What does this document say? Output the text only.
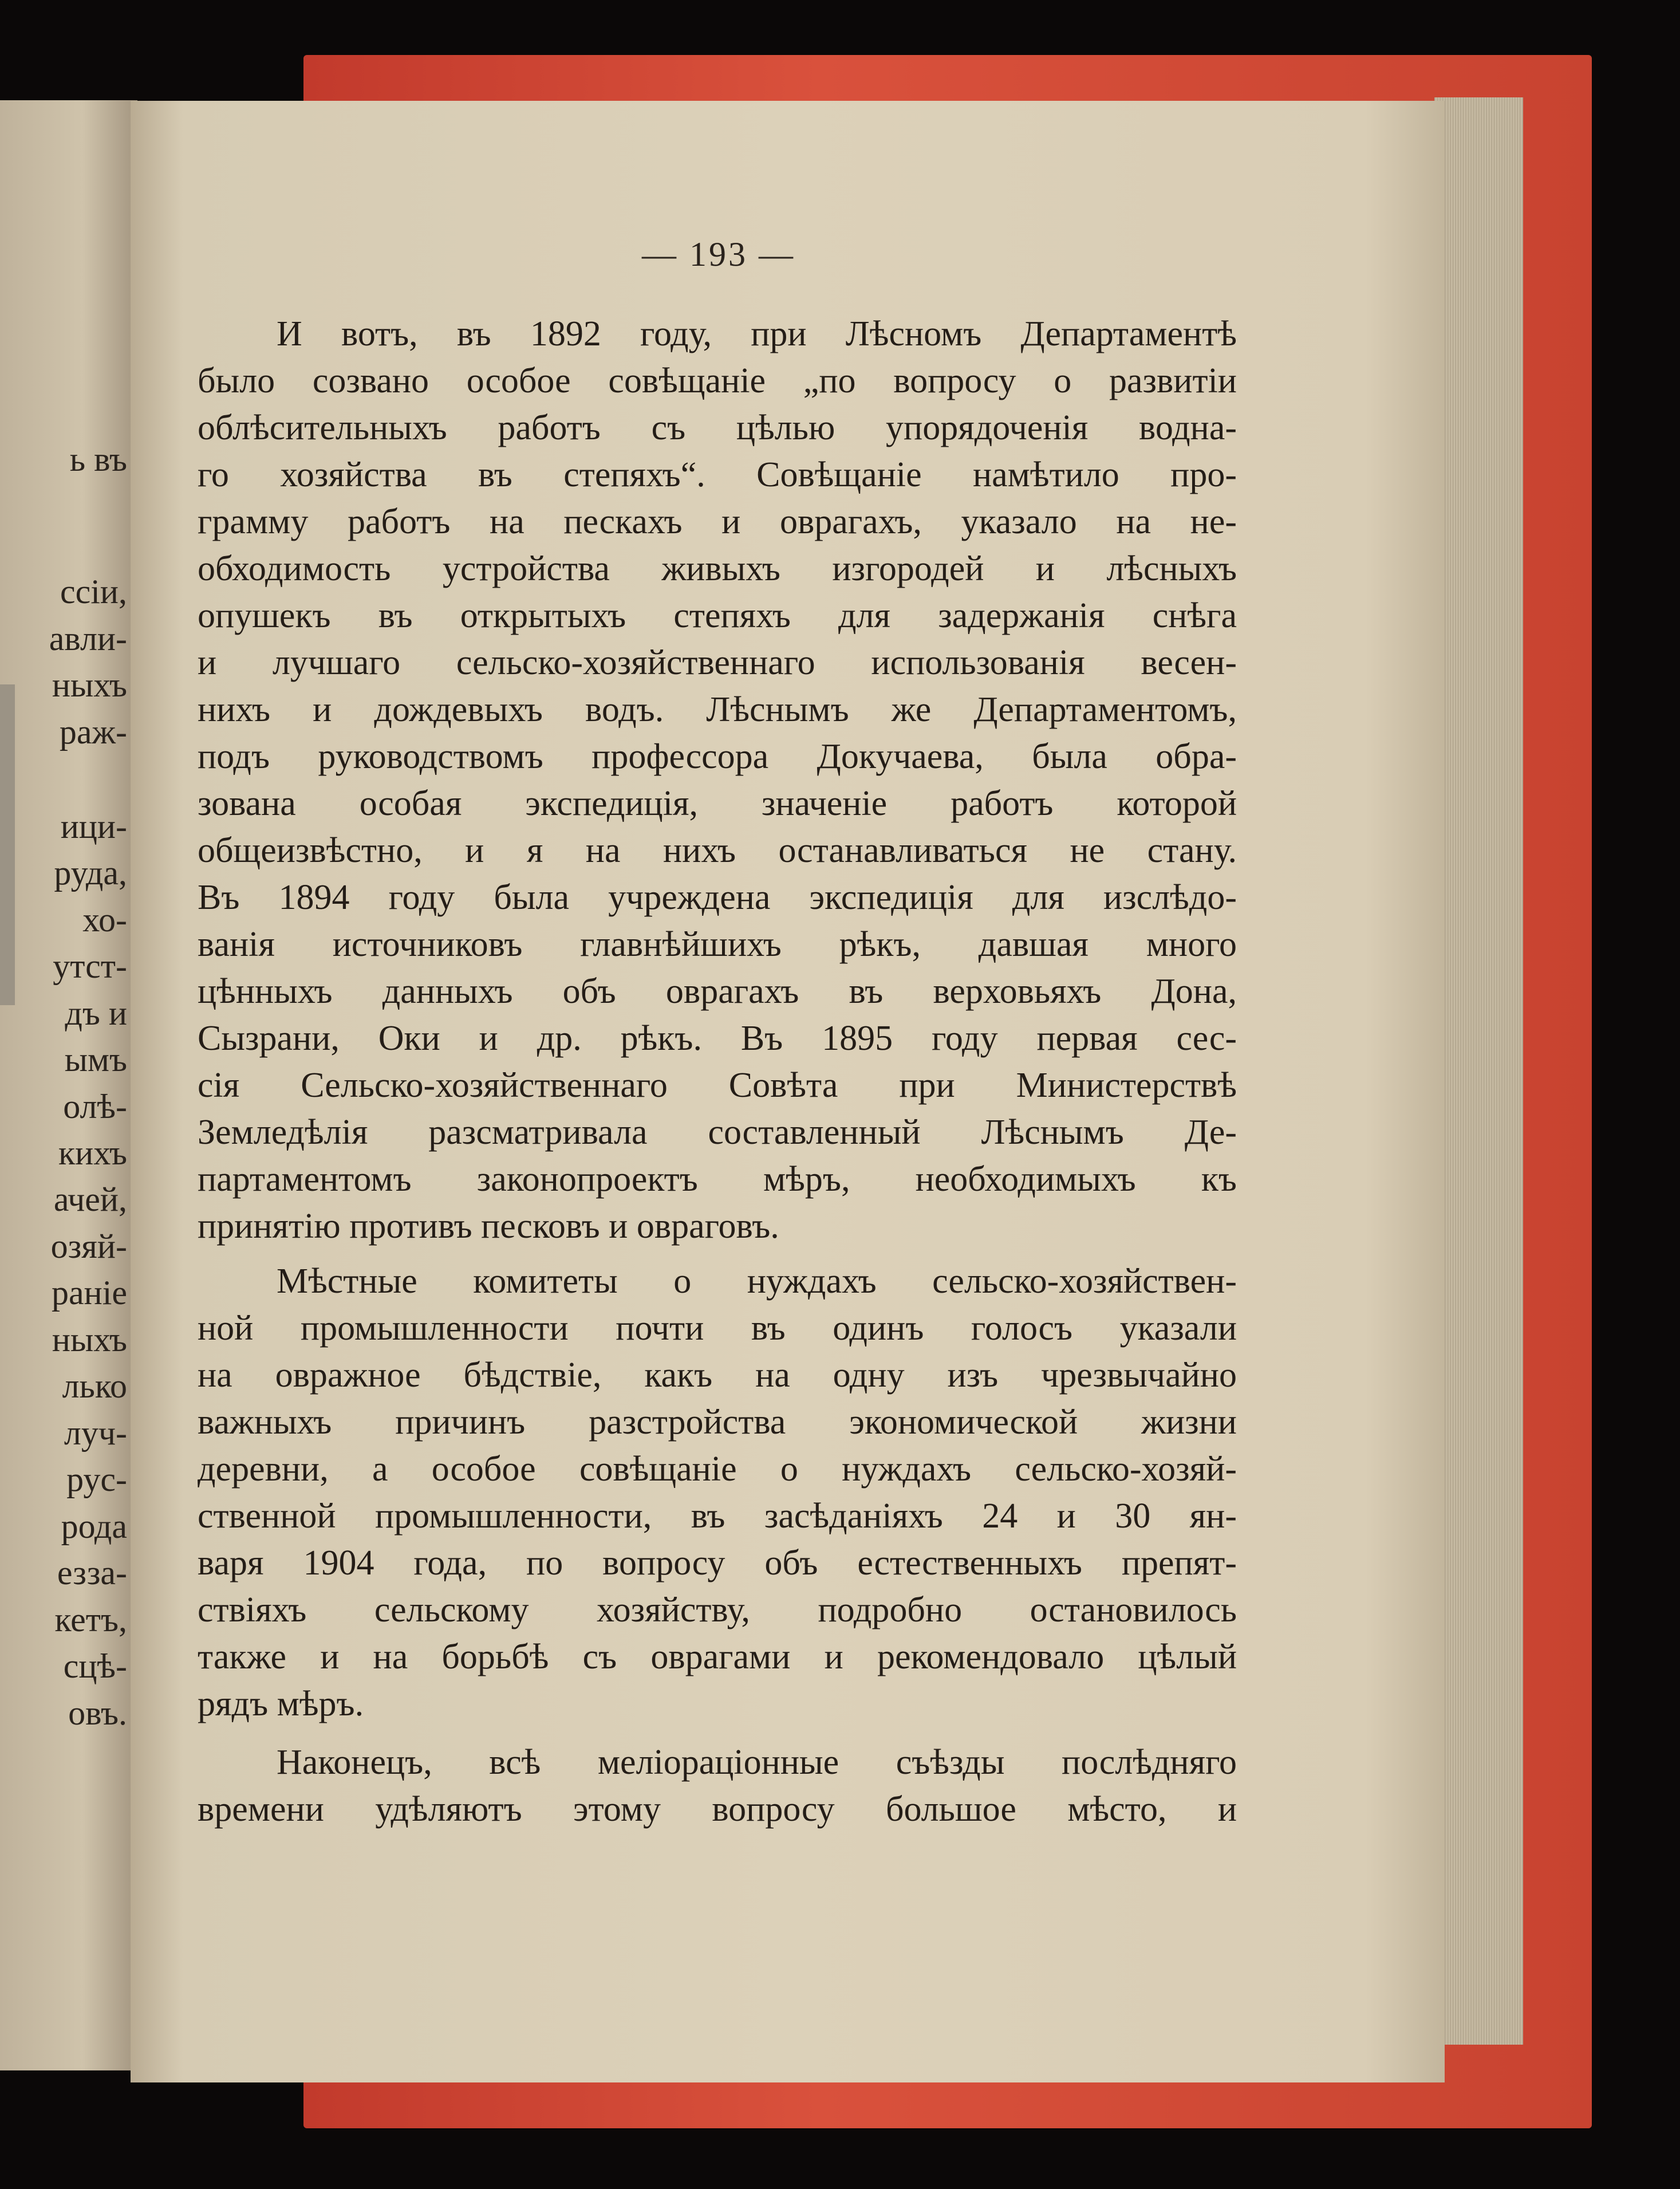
ь въ
ссіи,
авли-
ныхъ
раж-
ици-
руда,
хо-
утст-
дъ и
ымъ
олѣ-
кихъ
ачей,
озяй-
раніе
ныхъ
лько
луч-
рус-
рода
езза-
кетъ,
сцѣ-
овъ.
— 193 —
И вотъ, въ 1892 году, при Лѣсномъ Департаментѣ
было созвано особое совѣщаніе „по вопросу о развитіи
облѣсительныхъ работъ съ цѣлью упорядоченія водна-
го хозяйства въ степяхъ“. Совѣщаніе намѣтило про-
грамму работъ на пескахъ и оврагахъ, указало на не-
обходимость устройства живыхъ изгородей и лѣсныхъ
опушекъ въ открытыхъ степяхъ для задержанія снѣга
и лучшаго сельско-хозяйственнаго использованія весен-
нихъ и дождевыхъ водъ. Лѣснымъ же Департаментомъ,
подъ руководствомъ профессора Докучаева, была обра-
зована особая экспедиція, значеніе работъ которой
общеизвѣстно, и я на нихъ останавливаться не стану.
Въ 1894 году была учреждена экспедиція для изслѣдо-
ванія источниковъ главнѣйшихъ рѣкъ, давшая много
цѣнныхъ данныхъ объ оврагахъ въ верховьяхъ Дона,
Сызрани, Оки и др. рѣкъ. Въ 1895 году первая сес-
сія Сельско-хозяйственнаго Совѣта при Министерствѣ
Земледѣлія разсматривала составленный Лѣснымъ Де-
партаментомъ законопроектъ мѣръ, необходимыхъ къ
принятію противъ песковъ и овраговъ.
Мѣстные комитеты о нуждахъ сельско-хозяйствен-
ной промышленности почти въ одинъ голосъ указали
на овражное бѣдствіе, какъ на одну изъ чрезвычайно
важныхъ причинъ разстройства экономической жизни
деревни, а особое совѣщаніе о нуждахъ сельско-хозяй-
ственной промышленности, въ засѣданіяхъ 24 и 30 ян-
варя 1904 года, по вопросу объ естественныхъ препят-
ствіяхъ сельскому хозяйству, подробно остановилось
также и на борьбѣ съ оврагами и рекомендовало цѣлый
рядъ мѣръ.
Наконецъ, всѣ меліораціонные съѣзды послѣдняго
времени удѣляютъ этому вопросу большое мѣсто, и
